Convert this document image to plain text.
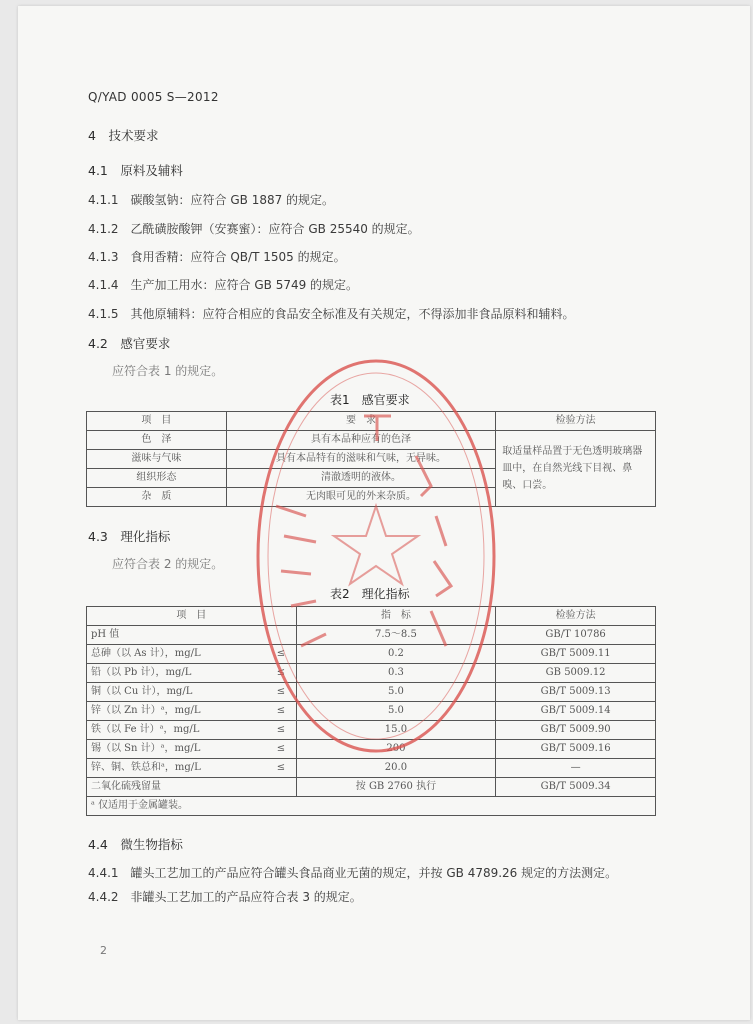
Q/YAD 0005 S—2012
4　技术要求
4.1　原料及辅料
4.1.1　碳酸氢钠：应符合 GB 1887 的规定。
4.1.2　乙酰磺胺酸钾（安赛蜜）：应符合 GB 25540 的规定。
4.1.3　食用香精：应符合 QB/T 1505 的规定。
4.1.4　生产加工用水：应符合 GB 5749 的规定。
4.1.5　其他原辅料：应符合相应的食品安全标准及有关规定，不得添加非食品原料和辅料。
4.2　感官要求
应符合表 1 的规定。
表1　感官要求
项　目	要　求	检验方法
色　泽	具有本品种应有的色泽	取适量样品置于无色透明玻璃器皿中，在自然光线下目视、鼻嗅、口尝。
滋味与气味	具有本品特有的滋味和气味，无异味。	
组织形态	清澈透明的液体。	
杂　质	无肉眼可见的外来杂质。	
4.3　理化指标
应符合表 2 的规定。
表2　理化指标
项　目		指　标	检验方法
pH 值		7.5～8.5	GB/T 10786
总砷（以 As 计），mg/L	≤	0.2	GB/T 5009.11
铅（以 Pb 计），mg/L	≤	0.3	GB 5009.12
铜（以 Cu 计），mg/L	≤	5.0	GB/T 5009.13
锌（以 Zn 计）ᵃ，mg/L	≤	5.0	GB/T 5009.14
铁（以 Fe 计）ᵃ，mg/L	≤	15.0	GB/T 5009.90
锡（以 Sn 计）ᵃ，mg/L	≤	200	GB/T 5009.16
锌、铜、铁总和ᵃ，mg/L	≤	20.0	—
二氧化硫残留量		按 GB 2760 执行	GB/T 5009.34
ᵃ 仅适用于金属罐装。			
4.4　微生物指标
4.4.1　罐头工艺加工的产品应符合罐头食品商业无菌的规定，并按 GB 4789.26 规定的方法测定。
4.4.2　非罐头工艺加工的产品应符合表 3 的规定。
2
